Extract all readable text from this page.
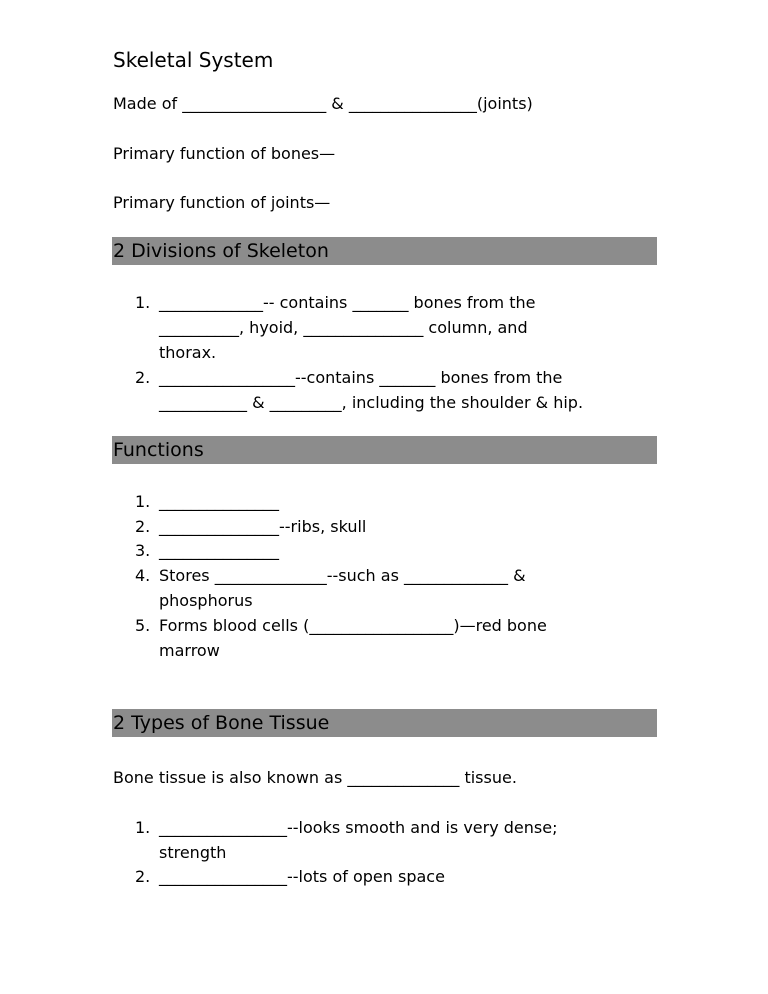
Skeletal System
Made of __________________ & ________________(joints)
Primary function of bones—
Primary function of joints—
2 Divisions of Skeleton
1. _____________-- contains _______ bones from the
__________, hyoid, _______________ column, and
thorax.
2. _________________--contains _______ bones from the
___________ & _________, including the shoulder & hip.
Functions
1. _______________
2. _______________--ribs, skull
3. _______________
4. Stores ______________--such as _____________ &
phosphorus
5. Forms blood cells (__________________)—red bone
marrow
2 Types of Bone Tissue
Bone tissue is also known as ______________ tissue.
1. ________________--looks smooth and is very dense;
strength
2. ________________--lots of open space
